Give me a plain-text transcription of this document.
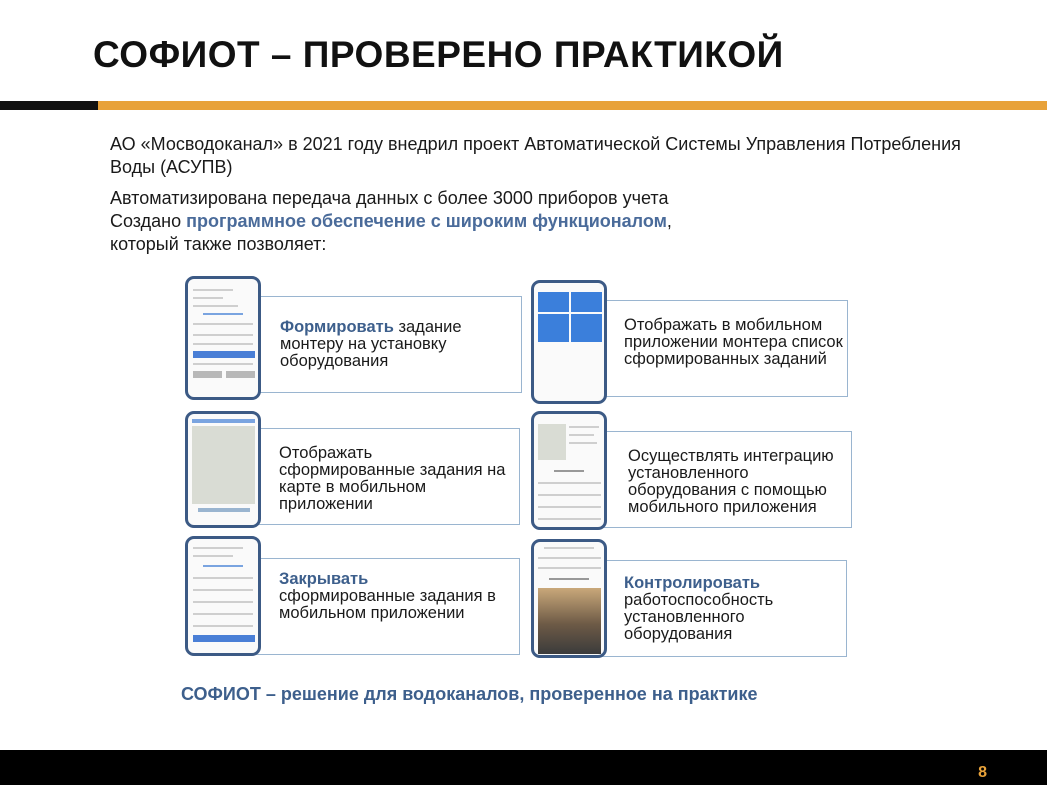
СОФИОТ – ПРОВЕРЕНО ПРАКТИКОЙ

АО «Мосводоканал» в 2021 году внедрил проект Автоматической Системы Управления Потребления Воды (АСУПВ)

Автоматизирована передача данных с более 3000 приборов учета
Создано программное обеспечение с широким функционалом,
который также позволяет:

Формировать задание монтеру на установку оборудования
Отображать в мобильном приложении монтера список сформированных заданий
Отображать сформированные задания на карте в мобильном приложении
Осуществлять интеграцию установленного оборудования с помощью мобильного приложения
Закрывать сформированные задания в мобильном приложении
Контролировать работоспособность установленного оборудования
СОФИОТ – решение для водоканалов, проверенное на практике
8
